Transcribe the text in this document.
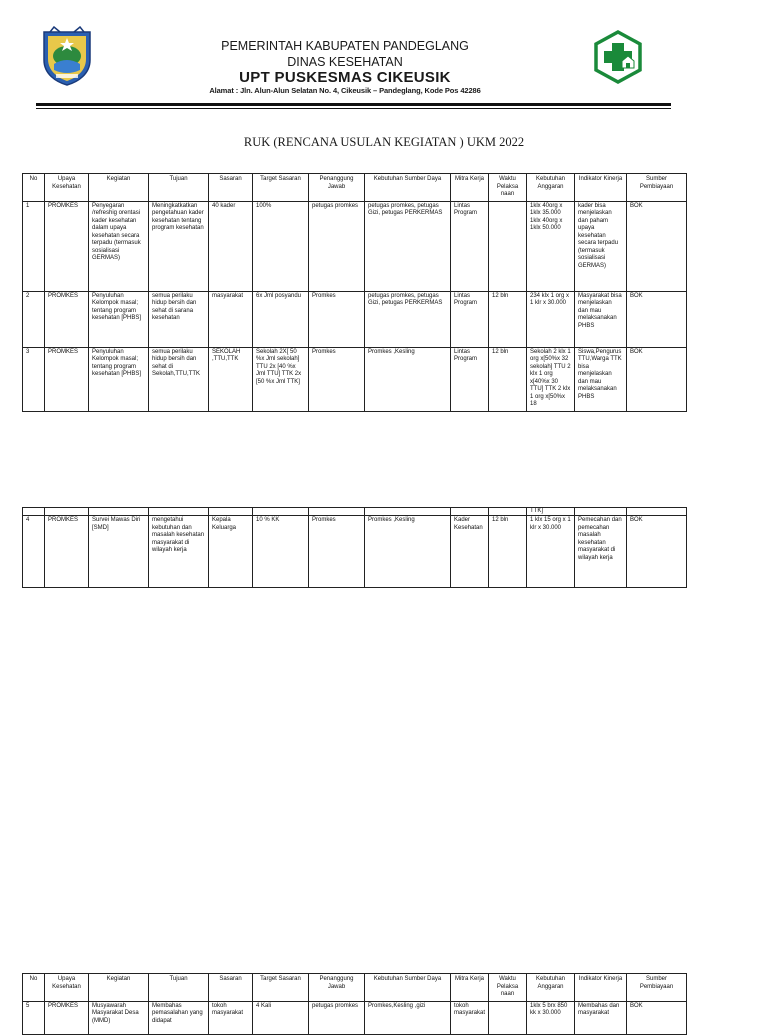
PEMERINTAH KABUPATEN PANDEGLANG
DINAS KESEHATAN
UPT PUSKESMAS CIKEUSIK
Alamat : Jln. Alun-Alun Selatan No. 4, Cikeusik – Pandeglang, Kode Pos 42286
RUK (RENCANA USULAN KEGIATAN ) UKM 2022
No	Upaya Kesehatan	Kegiatan	Tujuan	Sasaran	Target Sasaran	Penanggung Jawab	Kebutuhan Sumber Daya	Mitra Kerja	Waktu Pelaksa naan	Kebutuhan Anggaran	Indikator Kinerja	Sumber Pembiayaan
1	PROMKES	Penyegaran /refreshig orentasi kader kesehatan dalam upaya kesehatan secara terpadu (termasuk sosialisasi GERMAS)	Meningkatkatkan pengetahuan kader kesehatan tentang program kesehatan	40 kader	100%	petugas promkes	petugas promkes, petugas Gizi, petugas PERKERMAS	Lintas Program		1klx 40org x 1klx 35.000 1klx 40org x 1klx 50.000	kader bisa menjelaskan dan paham upaya kesehatan secara terpadu (termasuk sosialisasi GERMAS)	BOK
2	PROMKES	Penyuluhan Kelompok masal; tentang program kesehatan [PHBS]	semua perilaku hidup bersih dan sehat di sarana kesehatan	masyarakat	6x Jml posyandu	Promkes	petugas promkes, petugas Gizi, petugas PERKERMAS	Lintas Program	12 bln	234 klx 1 org x 1 klr x 30.000	Masyarakat bisa menjelaskan dan mau melaksanakan PHBS	BOK
3	PROMKES	Penyuluhan Kelompok masal; tentang program kesehatan [PHBS]	semua perilaku hidup bersih dan sehat di Sekolah,TTU,TTK	SEKOLAH ,TTU,TTK	Sekolah 2X[ 50 %x Jml sekolah] TTU 2x [40 %x Jml TTU] TTK 2x [50 %x Jml TTK]	Promkes	Promkes ,Kesling	Lintas Program	12 bln	Sekolah 2 klx 1 org x[50%x 32 sekolah] TTU 2 klx 1 org x[40%x 30 TTU] TTK 2 klx 1 org x[50%x 18	Siswa,Pengurus TTU,Warga TTK bisa menjelaskan dan mau melaksanakan PHBS	BOK
										TTK]		
4	PROMKES	Survei Mawas Diri [SMD]	mengetahui kebutuhan dan masalah kesehatan masyarakat di wilayah kerja	Kepala Keluarga	10 % KK	Promkes	Promkes ,Kesling	Kader Kesehatan	12 bln	1 klx 15 org x 1 klr x 30.000	Pemecahan dan pemecahan masalah kesehatan masyarakat di wilayah kerja	BOK
No	Upaya Kesehatan	Kegiatan	Tujuan	Sasaran	Target Sasaran	Penanggung Jawab	Kebutuhan Sumber Daya	Mitra Kerja	Waktu Pelaksa naan	Kebutuhan Anggaran	Indikator Kinerja	Sumber Pembiayaan
5	PROMKES	Musyawarah Masyarakat Desa (MMD)	Membahas pemasalahan yang didapat	tokoh masyarakat	4 Kali	petugas promkes	Promkes,Kesling ,gizi	tokoh masyarakat		1klx 5 brx 850 kk x 30.000	Membahas dan masyarakat	BOK
